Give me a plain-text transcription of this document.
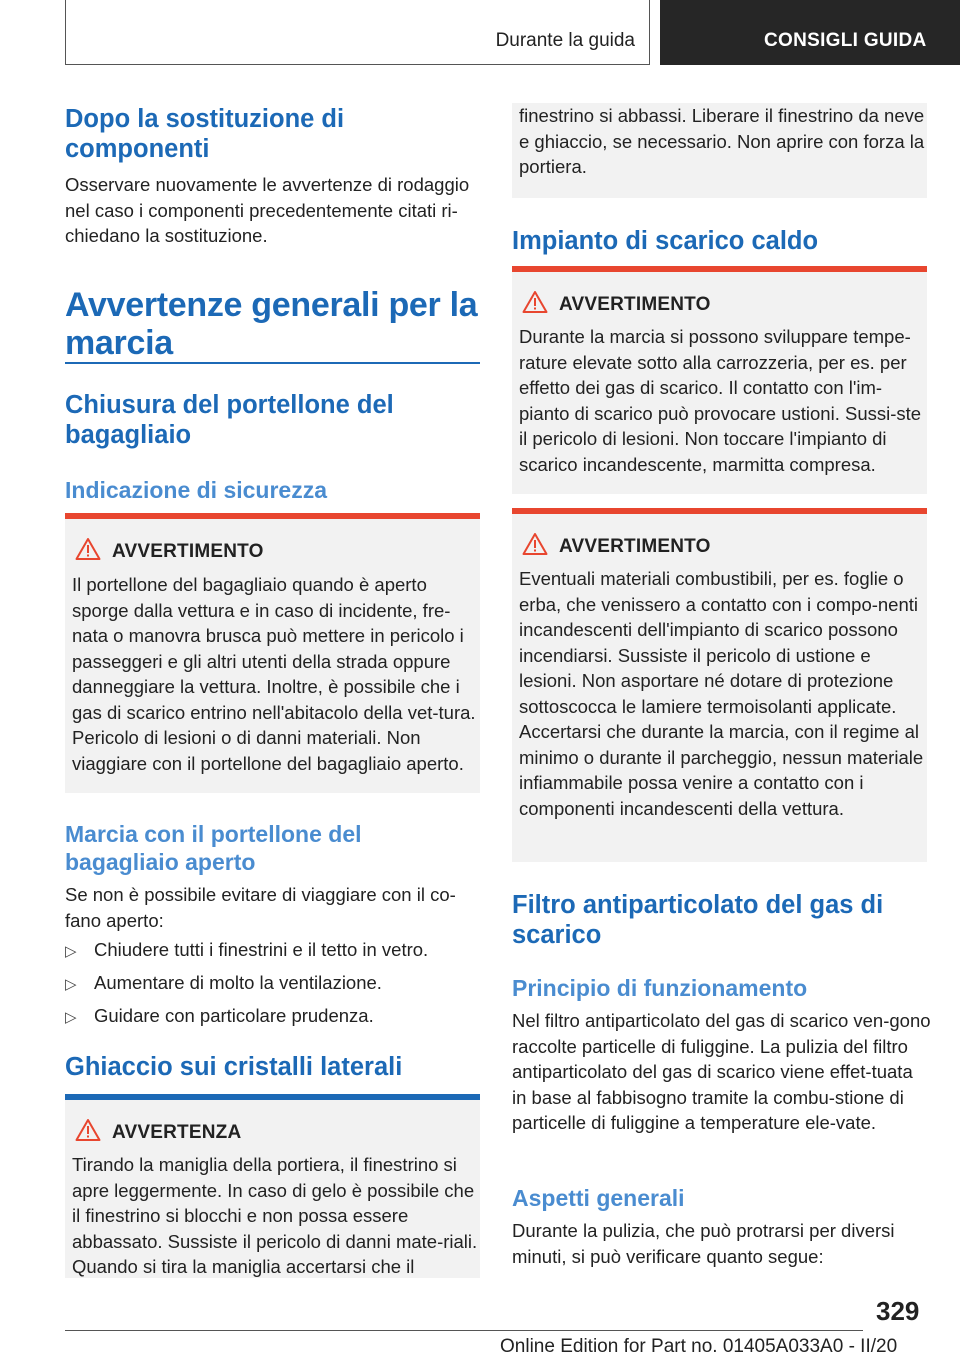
Durante la guida	CONSIGLI GUIDA
Dopo la sostituzione di componenti
Osservare nuovamente le avvertenze di rodaggio nel caso i componenti precedentemente citati ri-chiedano la sostituzione.
Avvertenze generali per la marcia
Chiusura del portellone del bagagliaio
Indicazione di sicurezza
AVVERTIMENTO
Il portellone del bagagliaio quando è aperto sporge dalla vettura e in caso di incidente, fre-nata o manovra brusca può mettere in pericolo i passeggeri e gli altri utenti della strada oppure danneggiare la vettura. Inoltre, è possibile che i gas di scarico entrino nell'abitacolo della vet-tura. Pericolo di lesioni o di danni materiali. Non viaggiare con il portellone del bagagliaio aperto.
Marcia con il portellone del bagagliaio aperto
Se non è possibile evitare di viaggiare con il co-fano aperto:
▷ Chiudere tutti i finestrini e il tetto in vetro.
▷ Aumentare di molto la ventilazione.
▷ Guidare con particolare prudenza.
Ghiaccio sui cristalli laterali
AVVERTENZA
Tirando la maniglia della portiera, il finestrino si apre leggermente. In caso di gelo è possibile che il finestrino si blocchi e non possa essere abbassato. Sussiste il pericolo di danni mate-riali. Quando si tira la maniglia accertarsi che il
finestrino si abbassi. Liberare il finestrino da neve e ghiaccio, se necessario. Non aprire con forza la portiera.
Impianto di scarico caldo
AVVERTIMENTO
Durante la marcia si possono sviluppare tempe-rature elevate sotto alla carrozzeria, per es. per effetto dei gas di scarico. Il contatto con l'im-pianto di scarico può provocare ustioni. Sussi-ste il pericolo di lesioni. Non toccare l'impianto di scarico incandescente, marmitta compresa.
AVVERTIMENTO
Eventuali materiali combustibili, per es. foglie o erba, che venissero a contatto con i compo-nenti incandescenti dell'impianto di scarico possono incendiarsi. Sussiste il pericolo di ustione e lesioni. Non asportare né dotare di protezione sottoscocca le lamiere termoisolanti applicate. Accertarsi che durante la marcia, con il regime al minimo o durante il parcheggio, nessun materiale infiammabile possa venire a contatto con i componenti incandescenti della vettura.
Filtro antiparticolato del gas di scarico
Principio di funzionamento
Nel filtro antiparticolato del gas di scarico ven-gono raccolte particelle di fuliggine. La pulizia del filtro antiparticolato del gas di scarico viene effet-tuata in base al fabbisogno tramite la combu-stione di particelle di fuliggine a temperature ele-vate.
Aspetti generali
Durante la pulizia, che può protrarsi per diversi minuti, si può verificare quanto segue:
329
Online Edition for Part no. 01405A033A0 - II/20
